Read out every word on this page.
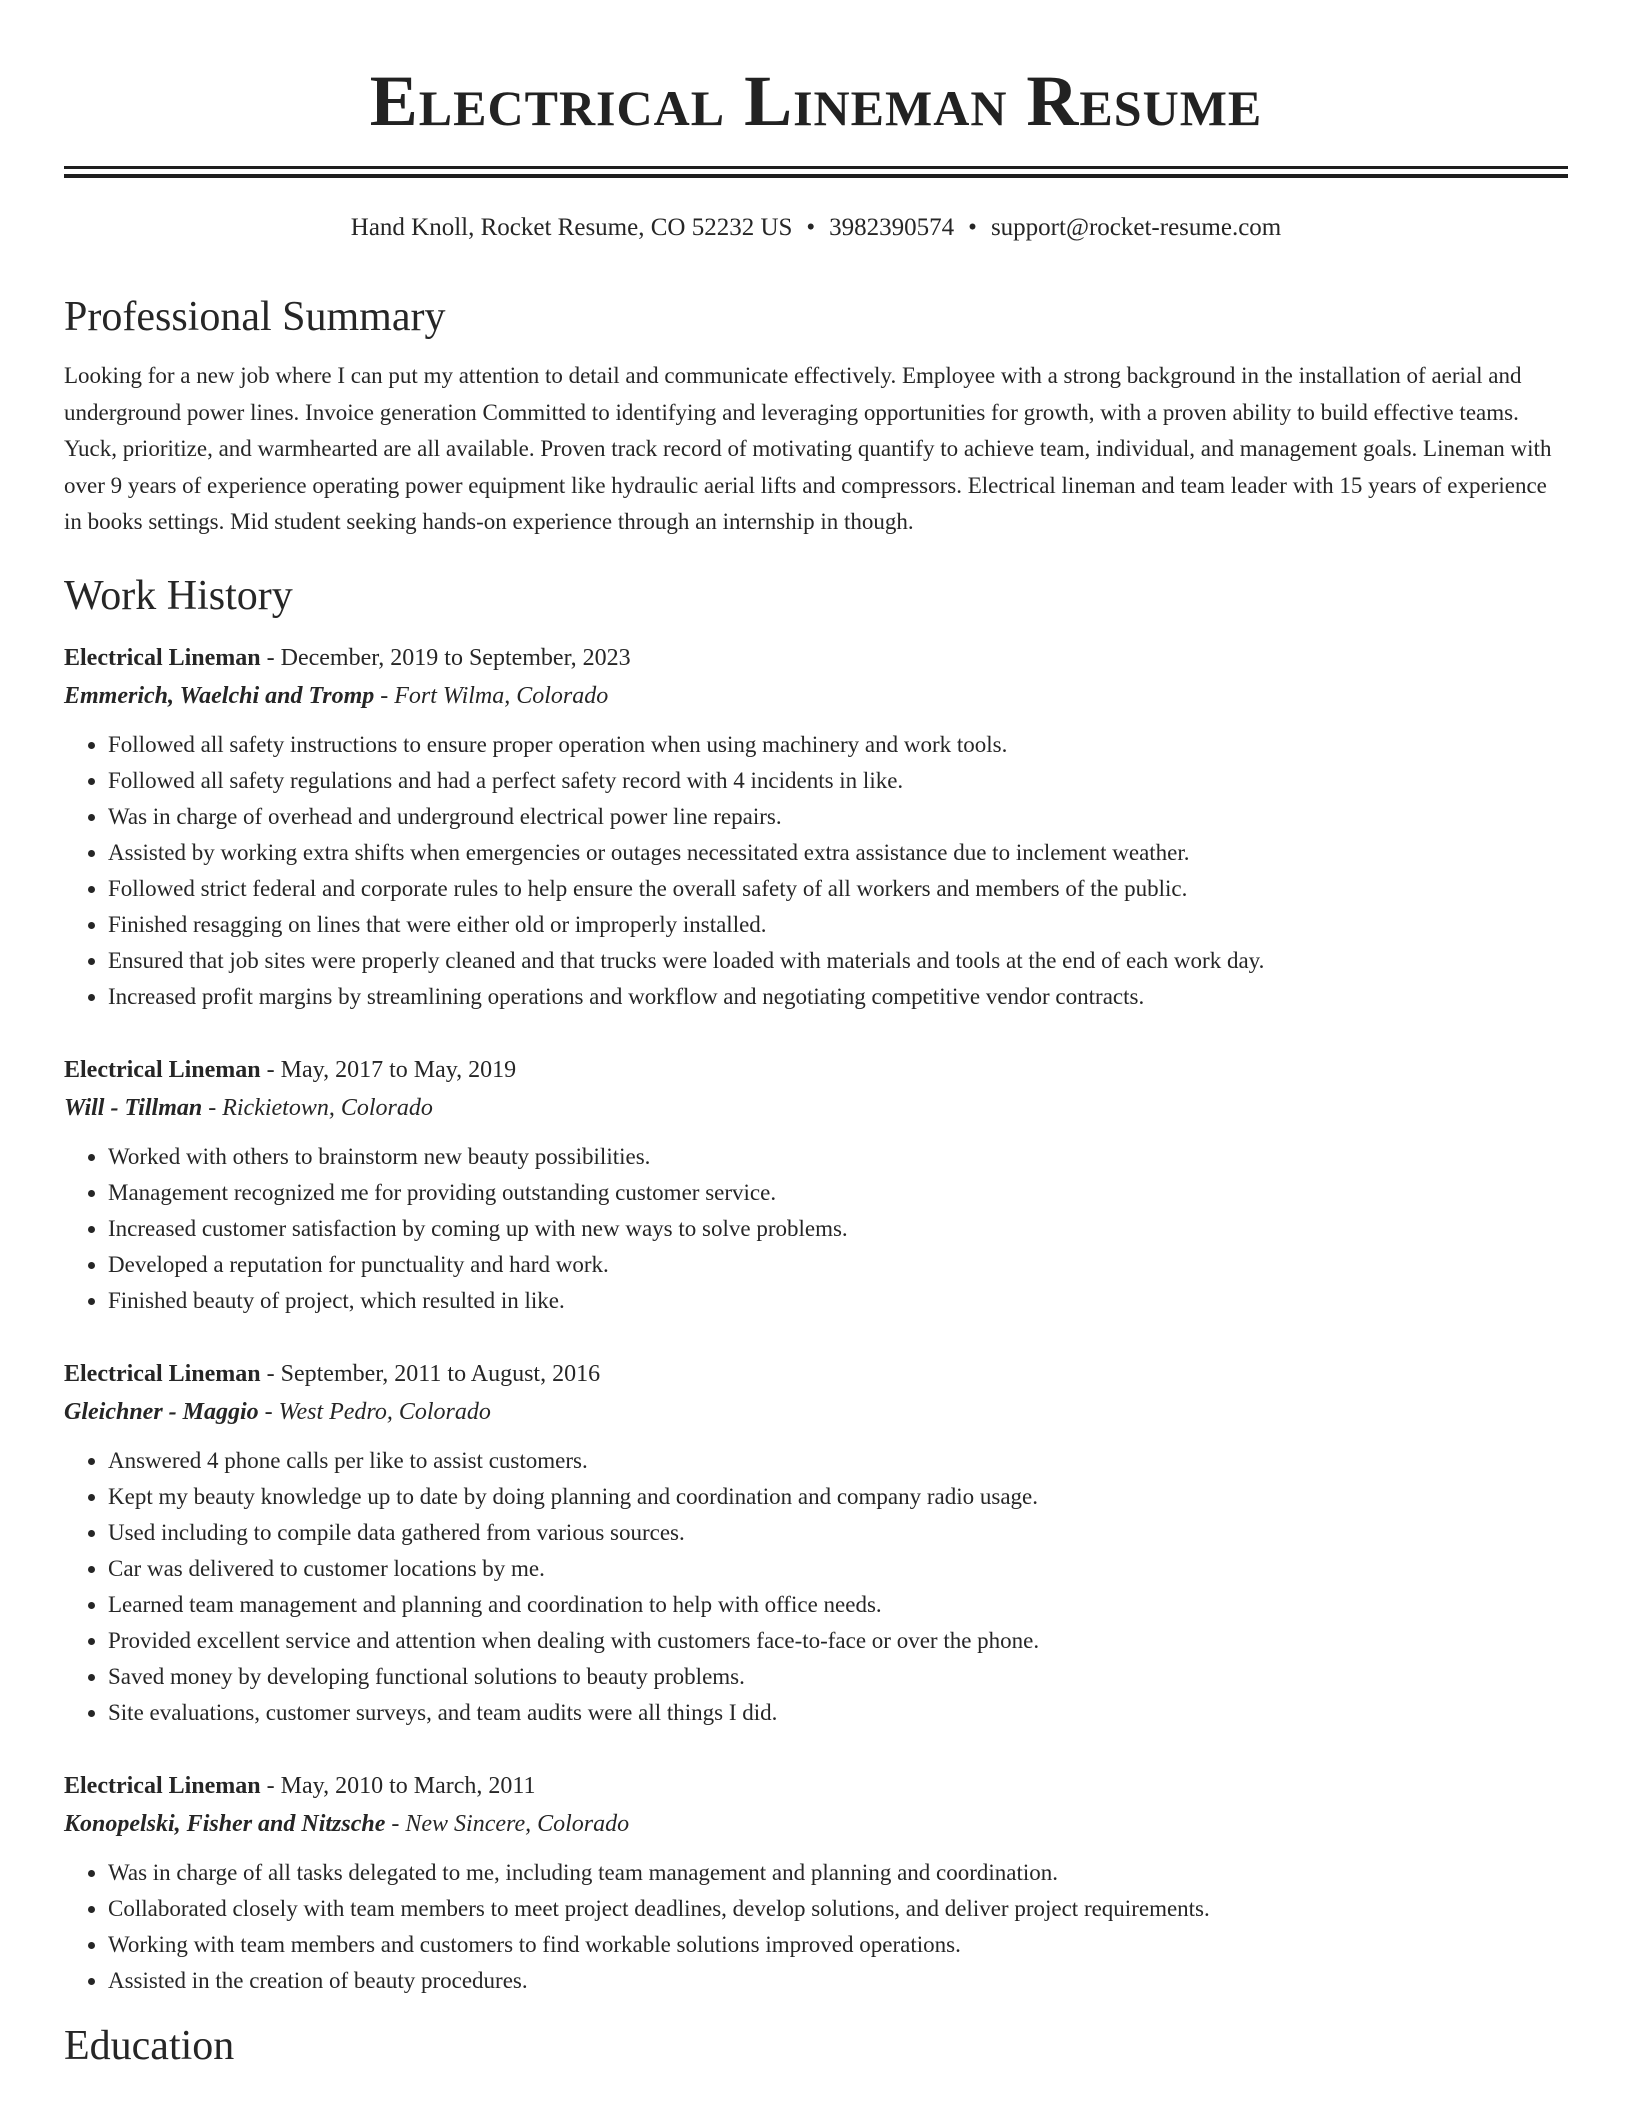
Electrical Lineman Resume
Hand Knoll, Rocket Resume, CO 52232 US • 3982390574 • support@rocket-resume.com
Professional Summary
Looking for a new job where I can put my attention to detail and communicate effectively. Employee with a strong background in the installation of aerial and underground power lines. Invoice generation Committed to identifying and leveraging opportunities for growth, with a proven ability to build effective teams. Yuck, prioritize, and warmhearted are all available. Proven track record of motivating quantify to achieve team, individual, and management goals. Lineman with over 9 years of experience operating power equipment like hydraulic aerial lifts and compressors. Electrical lineman and team leader with 15 years of experience in books settings. Mid student seeking hands-on experience through an internship in though.
Work History
Electrical Lineman - December, 2019 to September, 2023
Emmerich, Waelchi and Tromp - Fort Wilma, Colorado
• Followed all safety instructions to ensure proper operation when using machinery and work tools.
• Followed all safety regulations and had a perfect safety record with 4 incidents in like.
• Was in charge of overhead and underground electrical power line repairs.
• Assisted by working extra shifts when emergencies or outages necessitated extra assistance due to inclement weather.
• Followed strict federal and corporate rules to help ensure the overall safety of all workers and members of the public.
• Finished resagging on lines that were either old or improperly installed.
• Ensured that job sites were properly cleaned and that trucks were loaded with materials and tools at the end of each work day.
• Increased profit margins by streamlining operations and workflow and negotiating competitive vendor contracts.
Electrical Lineman - May, 2017 to May, 2019
Will - Tillman - Rickietown, Colorado
• Worked with others to brainstorm new beauty possibilities.
• Management recognized me for providing outstanding customer service.
• Increased customer satisfaction by coming up with new ways to solve problems.
• Developed a reputation for punctuality and hard work.
• Finished beauty of project, which resulted in like.
Electrical Lineman - September, 2011 to August, 2016
Gleichner - Maggio - West Pedro, Colorado
• Answered 4 phone calls per like to assist customers.
• Kept my beauty knowledge up to date by doing planning and coordination and company radio usage.
• Used including to compile data gathered from various sources.
• Car was delivered to customer locations by me.
• Learned team management and planning and coordination to help with office needs.
• Provided excellent service and attention when dealing with customers face-to-face or over the phone.
• Saved money by developing functional solutions to beauty problems.
• Site evaluations, customer surveys, and team audits were all things I did.
Electrical Lineman - May, 2010 to March, 2011
Konopelski, Fisher and Nitzsche - New Sincere, Colorado
• Was in charge of all tasks delegated to me, including team management and planning and coordination.
• Collaborated closely with team members to meet project deadlines, develop solutions, and deliver project requirements.
• Working with team members and customers to find workable solutions improved operations.
• Assisted in the creation of beauty procedures.
Education
